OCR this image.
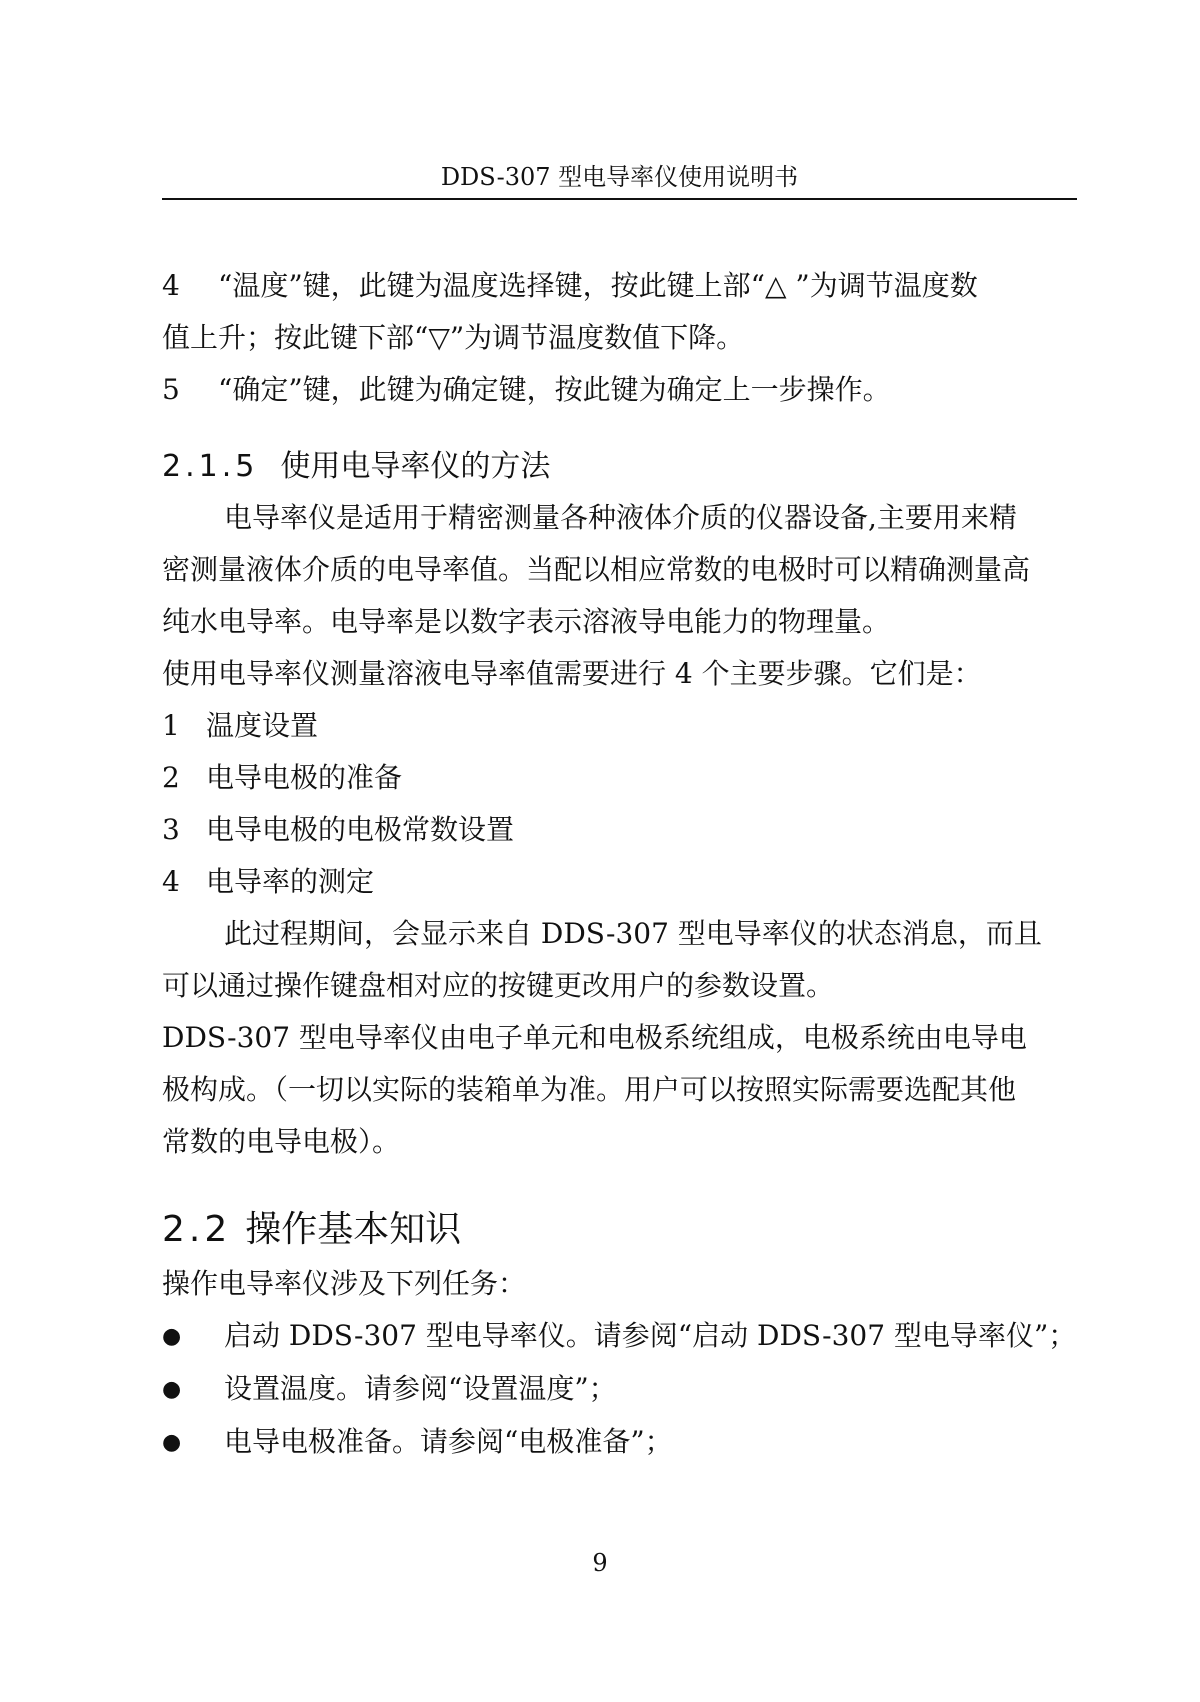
DDS-307 型电导率仪使用说明书
4 “温度”键，此键为温度选择键，按此键上部“△ ”为调节温度数
值上升；按此键下部“▽”为调节温度数值下降。
5 “确定”键，此键为确定键，按此键为确定上一步操作。
2.1.5 使用电导率仪的方法
电导率仪是适用于精密测量各种液体介质的仪器设备,主要用来精
密测量液体介质的电导率值。当配以相应常数的电极时可以精确测量高
纯水电导率。电导率是以数字表示溶液导电能力的物理量。
使用电导率仪测量溶液电导率值需要进行 4 个主要步骤。它们是：
1 温度设置
2 电导电极的准备
3 电导电极的电极常数设置
4 电导率的测定
此过程期间，会显示来自 DDS-307 型电导率仪的状态消息，而且
可以通过操作键盘相对应的按键更改用户的参数设置。
DDS-307 型电导率仪由电子单元和电极系统组成，电极系统由电导电
极构成。（一切以实际的装箱单为准。用户可以按照实际需要选配其他
常数的电导电极）。
2.2 操作基本知识
操作电导率仪涉及下列任务：
● 启动 DDS-307 型电导率仪。请参阅“启动 DDS-307 型电导率仪”；
● 设置温度。请参阅“设置温度”；
● 电导电极准备。请参阅“电极准备”；
9
